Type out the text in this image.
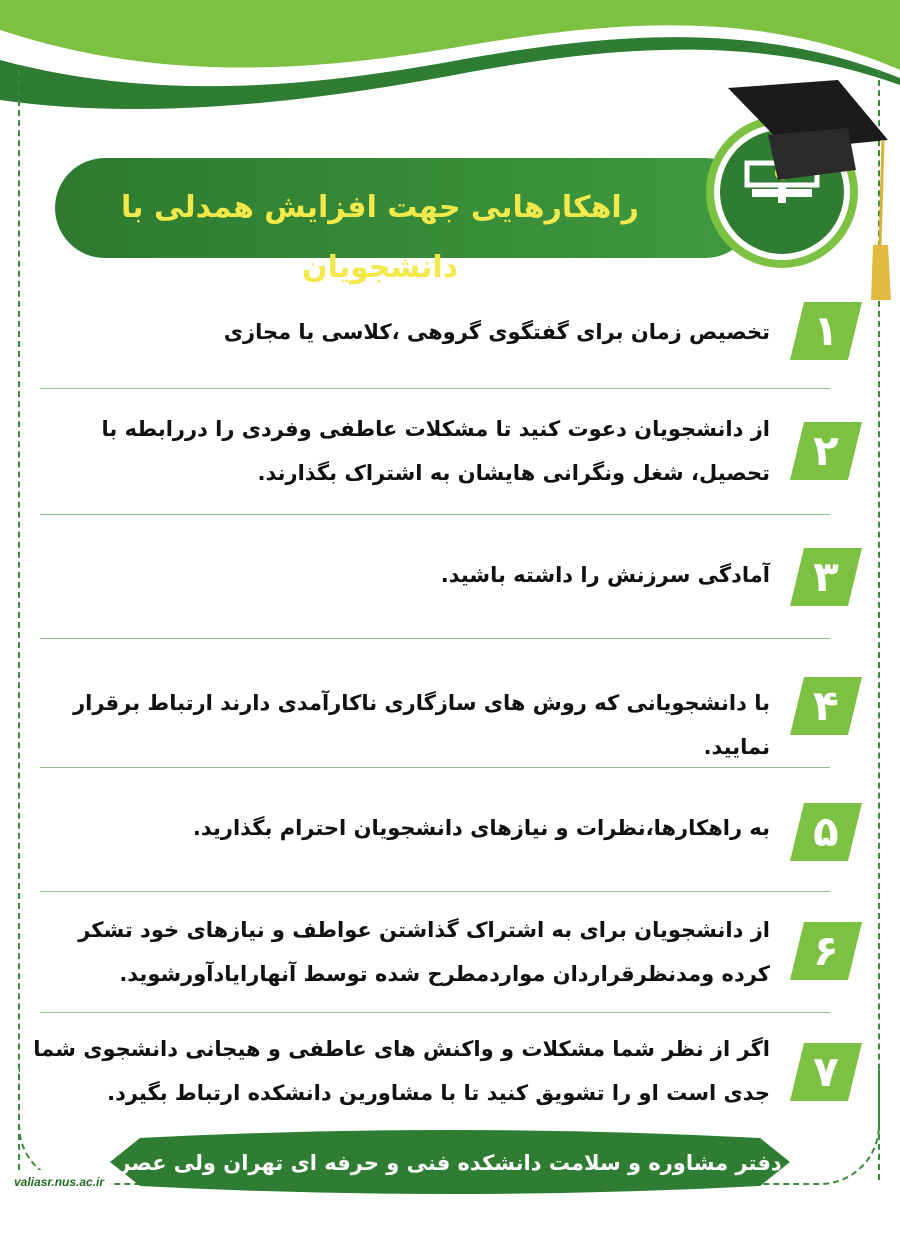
راهکارهایی جهت افزایش همدلی با دانشجویان
۱
تخصیص زمان برای گفتگوی گروهی ،کلاسی یا مجازی
۲
از دانشجویان دعوت کنید تا مشکلات عاطفی وفردی را دررابطه با تحصیل، شغل ونگرانی هایشان به اشتراک بگذارند.
۳
آمادگی سرزنش را داشته باشید.
۴
با دانشجویانی که روش های سازگاری ناکارآمدی دارند ارتباط برقرار نمایید.
۵
به راهکارها،نظرات و نیازهای دانشجویان احترام بگذارید.
۶
از دانشجویان برای به اشتراک گذاشتن عواطف و نیازهای خود تشکر کرده ومدنظرقراردان مواردمطرح شده توسط آنهارایادآورشوید.
۷
اگر از نظر شما مشکلات و واکنش های عاطفی و هیجانی دانشجوی شما جدی است او را تشویق کنید تا با مشاورین دانشکده ارتباط بگیرد.
دفتر مشاوره و سلامت دانشکده فنی و حرفه ای تهران ولی عصر (عج)
valiasr.nus.ac.ir
